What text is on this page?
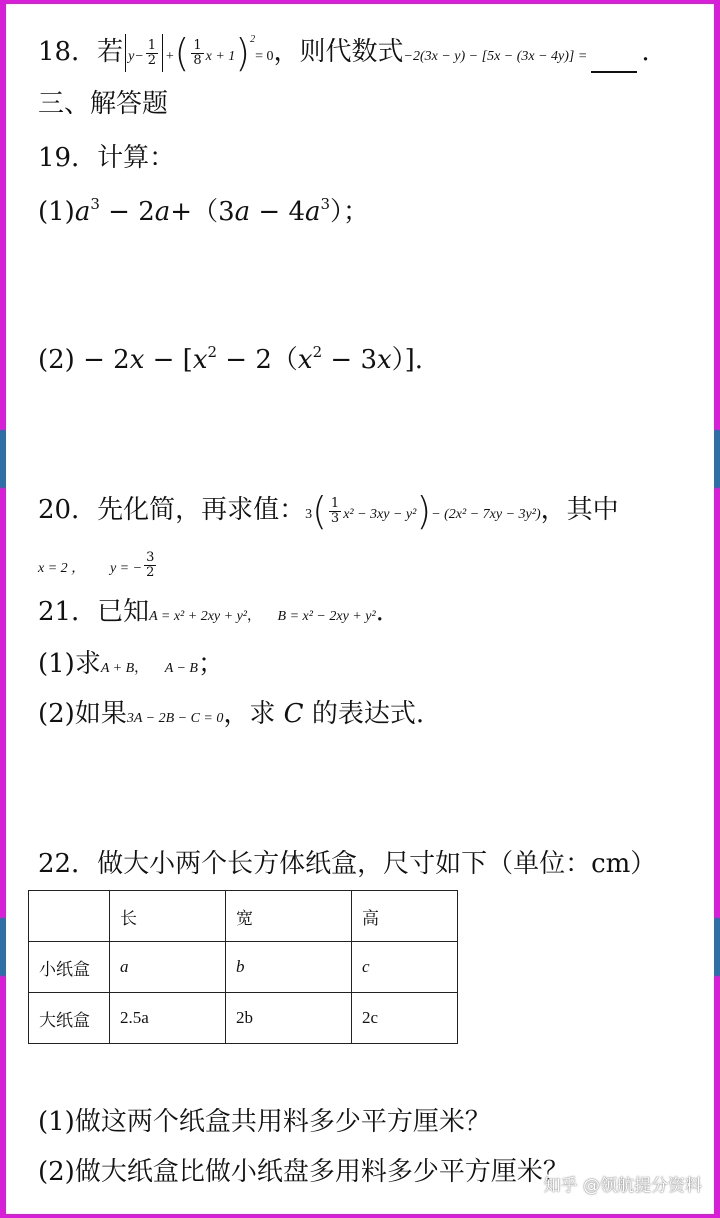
18．若 $y- \frac{1}{2}$ +( $\frac{1}{8}$ x + 1)$^2$= 0，则代数式−2(3x − y) − [5x − (3x − 4y)] = .
三、解答题
19．计算：
$(1)a^3 - 2a+(3a - 4a^3)$；
$(2) - 2x - [x^2 - 2(x^2 - 3x)]$.
20．先化简，再求值：$3( \frac{1}{3} x^2 - 3xy - y^2)- (2x^2 - 7xy - 3y^2)$，其中
x = 2 ， y = − $\frac{3}{2}$
21．已知A = x² + 2xy + y²， B = x² − 2xy + y².
(1)求A + B， A − B；
(2)如果3A − 2B − C = 0，求 C 的表达式.
22．做大小两个长方体纸盒，尺寸如下（单位：cm）
	长	宽	高
小纸盒	a	b	c
大纸盒	2.5a	2b	2c
(1)做这两个纸盒共用料多少平方厘米？
(2)做大纸盒比做小纸盘多用料多少平方厘米？
知乎 @领航提分资料
